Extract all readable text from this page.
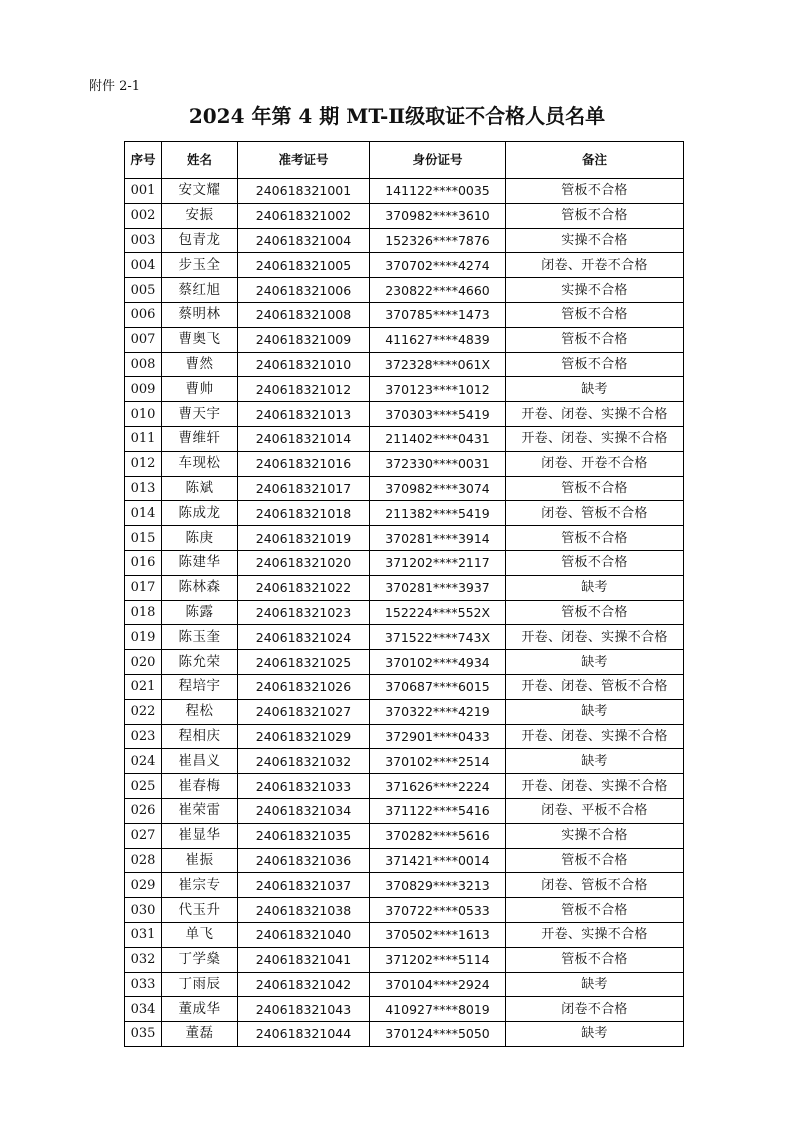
附件 2-1
2024 年第 4 期 MT-Ⅱ级取证不合格人员名单
序号	姓名	准考证号	身份证号	备注
001	安文耀	240618321001	141122****0035	管板不合格
002	安振	240618321002	370982****3610	管板不合格
003	包青龙	240618321004	152326****7876	实操不合格
004	步玉全	240618321005	370702****4274	闭卷、开卷不合格
005	蔡红旭	240618321006	230822****4660	实操不合格
006	蔡明林	240618321008	370785****1473	管板不合格
007	曹奥飞	240618321009	411627****4839	管板不合格
008	曹然	240618321010	372328****061X	管板不合格
009	曹帅	240618321012	370123****1012	缺考
010	曹天宇	240618321013	370303****5419	开卷、闭卷、实操不合格
011	曹维轩	240618321014	211402****0431	开卷、闭卷、实操不合格
012	车现松	240618321016	372330****0031	闭卷、开卷不合格
013	陈斌	240618321017	370982****3074	管板不合格
014	陈成龙	240618321018	211382****5419	闭卷、管板不合格
015	陈庚	240618321019	370281****3914	管板不合格
016	陈建华	240618321020	371202****2117	管板不合格
017	陈林森	240618321022	370281****3937	缺考
018	陈露	240618321023	152224****552X	管板不合格
019	陈玉奎	240618321024	371522****743X	开卷、闭卷、实操不合格
020	陈允荣	240618321025	370102****4934	缺考
021	程培宇	240618321026	370687****6015	开卷、闭卷、管板不合格
022	程松	240618321027	370322****4219	缺考
023	程相庆	240618321029	372901****0433	开卷、闭卷、实操不合格
024	崔昌义	240618321032	370102****2514	缺考
025	崔春梅	240618321033	371626****2224	开卷、闭卷、实操不合格
026	崔荣雷	240618321034	371122****5416	闭卷、平板不合格
027	崔显华	240618321035	370282****5616	实操不合格
028	崔振	240618321036	371421****0014	管板不合格
029	崔宗专	240618321037	370829****3213	闭卷、管板不合格
030	代玉升	240618321038	370722****0533	管板不合格
031	单飞	240618321040	370502****1613	开卷、实操不合格
032	丁学燊	240618321041	371202****5114	管板不合格
033	丁雨辰	240618321042	370104****2924	缺考
034	董成华	240618321043	410927****8019	闭卷不合格
035	董磊	240618321044	370124****5050	缺考
